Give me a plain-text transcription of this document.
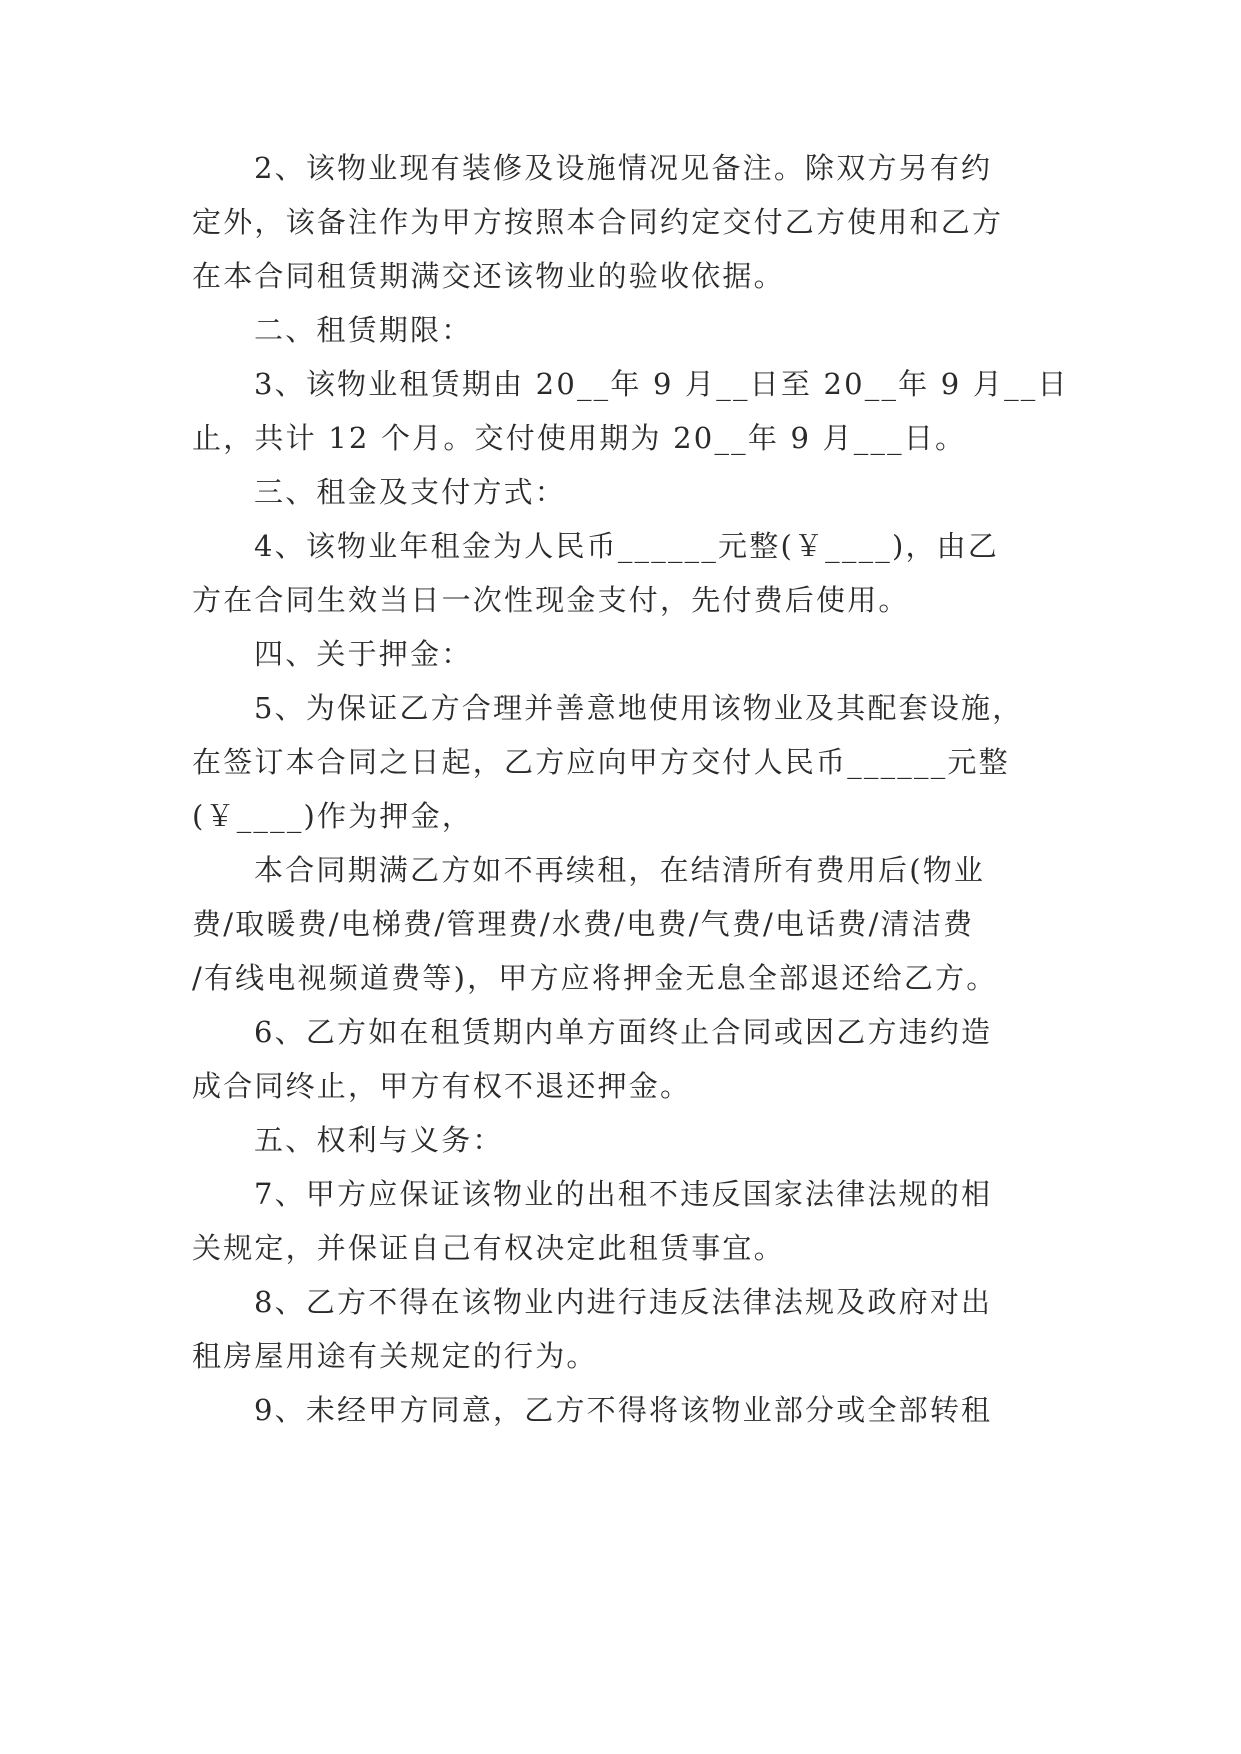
2、该物业现有装修及设施情况见备注。除双方另有约

定外，该备注作为甲方按照本合同约定交付乙方使用和乙方

在本合同租赁期满交还该物业的验收依据。

二、租赁期限：

3、该物业租赁期由 20__年 9 月__日至 20__年 9 月__日

止，共计 12 个月。交付使用期为 20__年 9 月___日。

三、租金及支付方式：

4、该物业年租金为人民币______元整(￥____)，由乙

方在合同生效当日一次性现金支付，先付费后使用。

四、关于押金：

5、为保证乙方合理并善意地使用该物业及其配套设施，

在签订本合同之日起，乙方应向甲方交付人民币______元整

(￥____)作为押金，

本合同期满乙方如不再续租，在结清所有费用后(物业

费/取暖费/电梯费/管理费/水费/电费/气费/电话费/清洁费

/有线电视频道费等)，甲方应将押金无息全部退还给乙方。

6、乙方如在租赁期内单方面终止合同或因乙方违约造

成合同终止，甲方有权不退还押金。

五、权利与义务：

7、甲方应保证该物业的出租不违反国家法律法规的相

关规定，并保证自己有权决定此租赁事宜。

8、乙方不得在该物业内进行违反法律法规及政府对出

租房屋用途有关规定的行为。

9、未经甲方同意，乙方不得将该物业部分或全部转租
